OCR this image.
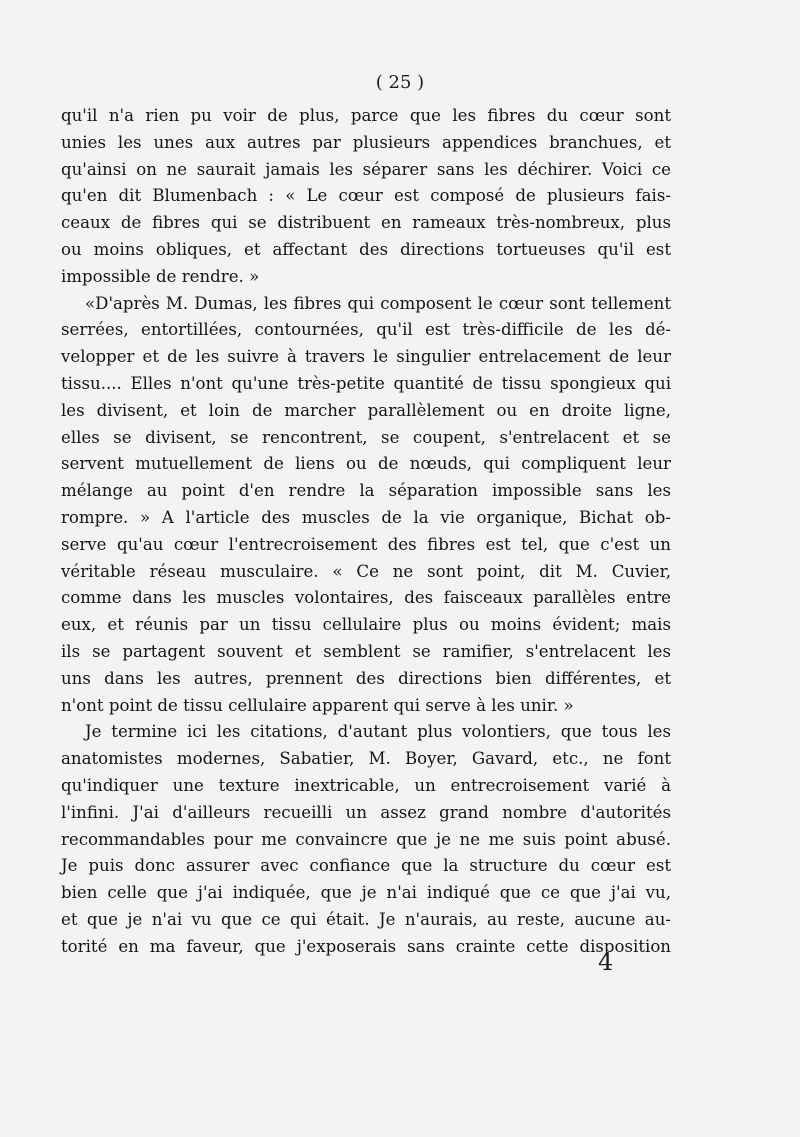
( 25 )
qu'il n'a rien pu voir de plus, parce que les fibres du cœur sont
unies les unes aux autres par plusieurs appendices branchues, et
qu'ainsi on ne saurait jamais les séparer sans les déchirer. Voici ce
qu'en dit Blumenbach : « Le cœur est composé de plusieurs fais-
ceaux de fibres qui se distribuent en rameaux très-nombreux, plus
ou moins obliques, et affectant des directions tortueuses qu'il est
impossible de rendre. »
«D'après M. Dumas, les fibres qui composent le cœur sont tellement
serrées, entortillées, contournées, qu'il est très-difficile de les dé-
velopper et de les suivre à travers le singulier entrelacement de leur
tissu.... Elles n'ont qu'une très-petite quantité de tissu spongieux qui
les divisent, et loin de marcher parallèlement ou en droite ligne,
elles se divisent, se rencontrent, se coupent, s'entrelacent et se
servent mutuellement de liens ou de nœuds, qui compliquent leur
mélange au point d'en rendre la séparation impossible sans les
rompre. » A l'article des muscles de la vie organique, Bichat ob-
serve qu'au cœur l'entrecroisement des fibres est tel, que c'est un
véritable réseau musculaire. « Ce ne sont point, dit M. Cuvier,
comme dans les muscles volontaires, des faisceaux parallèles entre
eux, et réunis par un tissu cellulaire plus ou moins évident; mais
ils se partagent souvent et semblent se ramifier, s'entrelacent les
uns dans les autres, prennent des directions bien différentes, et
n'ont point de tissu cellulaire apparent qui serve à les unir. »
Je termine ici les citations, d'autant plus volontiers, que tous les
anatomistes modernes, Sabatier, M. Boyer, Gavard, etc., ne font
qu'indiquer une texture inextricable, un entrecroisement varié à
l'infini. J'ai d'ailleurs recueilli un assez grand nombre d'autorités
recommandables pour me convaincre que je ne me suis point abusé.
Je puis donc assurer avec confiance que la structure du cœur est
bien celle que j'ai indiquée, que je n'ai indiqué que ce que j'ai vu,
et que je n'ai vu que ce qui était. Je n'aurais, au reste, aucune au-
torité en ma faveur, que j'exposerais sans crainte cette disposition
4
